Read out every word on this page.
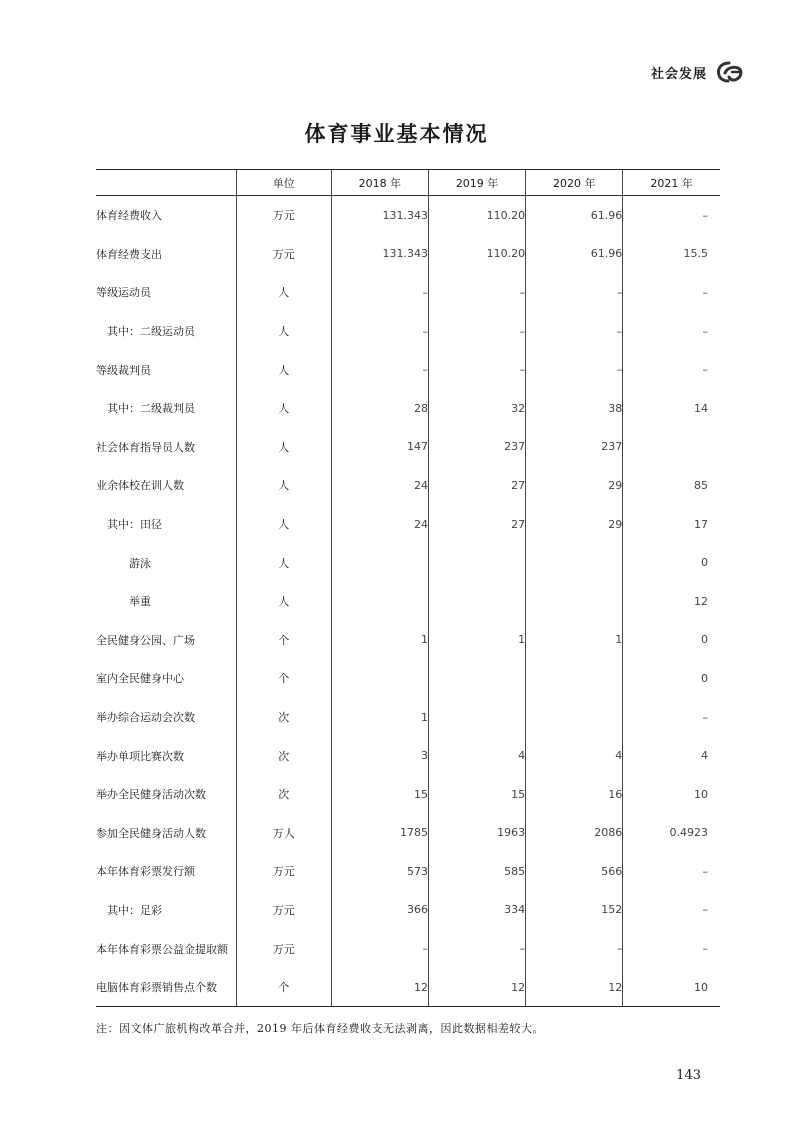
社会发展
体育事业基本情况
	单位	2018 年	2019 年	2020 年	2021 年
体育经费收入	万元	131.343	110.20	61.96	–
体育经费支出	万元	131.343	110.20	61.96	15.5
等级运动员	人	–	–	–	–
其中：二级运动员	人	–	–	–	–
等级裁判员	人	–	–	–	–
其中：二级裁判员	人	28	32	38	14
社会体育指导员人数	人	147	237	237	
业余体校在训人数	人	24	27	29	85
其中：田径	人	24	27	29	17
游泳	人				0
举重	人				12
全民健身公园、广场	个	1	1	1	0
室内全民健身中心	个				0
举办综合运动会次数	次	1			–
举办单项比赛次数	次	3	4	4	4
举办全民健身活动次数	次	15	15	16	10
参加全民健身活动人数	万人	1785	1963	2086	0.4923
本年体育彩票发行额	万元	573	585	566	–
其中：足彩	万元	366	334	152	–
本年体育彩票公益金提取额	万元	–	–	–	–
电脑体育彩票销售点个数	个	12	12	12	10
注：因文体广旅机构改革合并，2019 年后体育经费收支无法剥离，因此数据相差较大。
143
